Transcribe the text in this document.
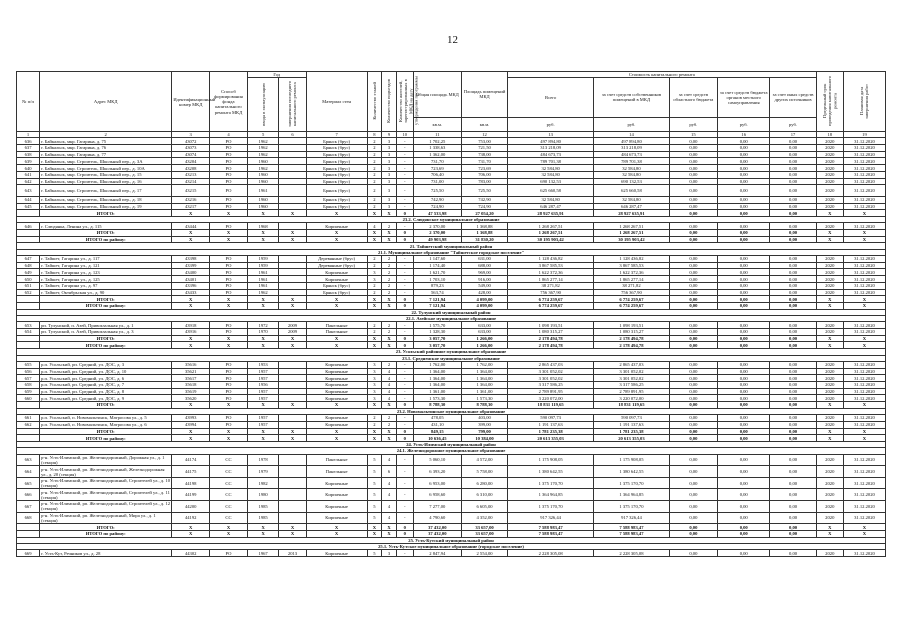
12
№ п/п	Адрес МКД	Идентификационный номер МКД	Способ формирования фонда капитального ремонта МКД	Год		Материал стен	Количество этажей	Количество подъездов	Количество жителей, зарегистрированных в МКД на дату утверждения программы	Общая площадь МКД	Площадь помещений МКД	Стоимость капитального ремонта					Предельный срок проведения капитального ремонта	Плановая дата завершения работ
				ввода в эксплуатацию	завершения последнего капитального ремонта							Всего	за счет средств собственников помещений в МКД	за счет средств областного бюджета	за счет средств бюджета органов местного самоуправления	за счет иных средств других источников		
										кв.м.	кв.м.	руб.	руб.	руб.	руб.	руб.		
1	2	3	4	5	6	7	8	9	10	11	12	13	14	15	16	17	18	19
636	г. Байкальск, мкр. Гагарина, д. 75	43072	РО	1962		Брянск (брус)	2	3	-	1 702,25	753,00	497 894,80	497 894,80	0,00	0,00	0,00	2020	31.12.2020
637	г. Байкальск, мкр. Гагарина, д. 76	43073	РО	1962		Брянск (брус)	2	3	-	1 338,63	721,50	313 218,09	313 218,09	0,00	0,00	0,00	2020	31.12.2020
638	г. Байкальск, мкр. Гагарина, д. 77	43074	РО	1962		Брянск (брус)	2	3	-	1 362,00	738,00	484 673,73	484 673,73	0,00	0,00	0,00	2020	31.12.2020
639	г. Байкальск, мкр. Строитель, Школьный пер., д. 3А	43204	РО	1960		Брянск (брус)	2	3	-	731,70	731,70	789 701,38	789 701,38	0,00	0,00	0,00	2020	31.12.2020
640	г. Байкальск, мкр. Строитель, Школьный пер., д. 10А	43208	РО	1962		Брянск (брус)	2	3	-	723,69	723,69	32 584,80	32 584,80	0,00	0,00	0,00	2020	31.12.2020
641	г. Байкальск, мкр. Строитель, Школьный пер., д. 15	43213	РО	1960		Брянск (брус)	2	3	-	706,40	706,00	32 584,80	32 584,80	0,00	0,00	0,00	2020	31.12.2020
642	г. Байкальск, мкр. Строитель, Школьный пер., д. 16	43214	РО	1960		Брянск (брус)	2	3	-	731,00	783,00	690 132,53	690 132,53	0,00	0,00	0,00	2020	31.12.2020
643	г. Байкальск, мкр. Строитель, Школьный пер., д. 17	43215	РО	1961		Брянск (брус)	2	3	-	725,50	725,50	625 660,58	625 660,58	0,00	0,00	0,00	2020	31.12.2020
644	г. Байкальск, мкр. Строитель, Школьный пер., д. 18	43216	РО	1960		Брянск (брус)	2	3	-	742,90	742,90	32 584,80	32 584,80	0,00	0,00	0,00	2020	31.12.2020
645	г. Байкальск, мкр. Строитель, Школьный пер., д. 19	43217	РО	1960		Брянск (брус)	2	3	-	724,90	724,90	646 287,47	646 287,47	0,00	0,00	0,00	2020	31.12.2020
	ИТОГО:	X	X	X	X	X	X	X	0	47 533,98	27 054,20	28 927 635,91	28 927 635,91	0,00	0,00	0,00	X	X
23.2. Слюдянское муниципальное образование																		
646	г. Слюдянка, Ленина ул., д. 115	43444	РО	1968		Кирпичные	4	2	-	2 370,00	1 368,88	1 268 267,51	1 268 267,51	0,00	0,00	0,00	2020	31.12.2020
	ИТОГО:	X	X	X	X	X	X	X	0	2 370,00	1 368,88	1 268 267,51	1 268 267,51	0,00	0,00	0,00	X	X
	ИТОГО по району:	X	X	X	X	X	X	X	0	49 903,98	31 830,20	30 195 903,42	30 195 903,42	0,00	0,00	0,00	X	X
21. Тайшетский муниципальный район																		
21.1. Муниципальное образование "Тайшетское городское поселение"																		
647	г. Тайшет, Гагарина ул., д. 117	43398	РО	1959		Деревянные (брус)	2	2	-	1 147,60	631,00	1 128 436,82	1 128 436,82	0,00	0,00	0,00	2020	31.12.2020
648	г. Тайшет, Гагарина ул., д. 121	43399	РО	1959		Деревянные (брус)	2	2	-	1 174,40	688,00	3 867 585,53	3 867 585,53	0,00	0,00	0,00	2020	31.12.2020
649	г. Тайшет, Гагарина ул., д. 123	43400	РО	1961		Кирпичные	3	2	-	1 621,70	969,00	1 622 372,36	1 622 372,36	0,00	0,00	0,00	2020	31.12.2020
650	г. Тайшет, Гагарина ул., д. 125	43401	РО	1961		Кирпичные	3	2	-	1 703,10	916,00	1 865 277,14	1 865 277,14	0,00	0,00	0,00	2020	31.12.2020
651	г. Тайшет, Гагарина ул., д. 97	43396	РО	1961		Брянск (брус)	2	2	-	879,23	549,00	38 271,82	38 271,82	0,00	0,00	0,00	2020	31.12.2020
652	г. Тайшет, Октябрьская ул., д. 90	43433	РО	1962		Брянск (брус)	2	2	-	563,74	428,00	756 367,90	756 367,90	0,00	0,00	0,00	2020	31.12.2020
	ИТОГО:	X	X	X	X	X	X	X	0	7 121,94	4 099,00	6 774 259,67	6 774 259,67	0,00	0,00	0,00	X	X
	ИТОГО по району:	X	X	X	X	X	X	X	0	7 121,94	4 099,00	6 774 259,67	6 774 259,67	0,00	0,00	0,00	X	X
22. Тулунский муниципальный район																		
22.1. Азейское муниципальное образование																		
653	рп. Тулунский, п. Азей, Привокзальная ул., д. 1	43918	РО	1972	2009	Панельные	2	2	-	1 575,70	633,00	1 098 193,51	1 098 193,51	0,00	0,00	0,00	2020	31.12.2020
654	рп. Тулунский, п. Азей, Привокзальная ул., д. 3	43916	РО	1970	2009	Панельные	2	2	-	1 328,30	633,00	1 080 315,27	1 080 315,27	0,00	0,00	0,00	2020	31.12.2020
	ИТОГО:	X	X	X	X	X	X	X	0	3 057,70	1 266,00	2 178 494,78	2 178 494,78	0,00	0,00	0,00	X	X
	ИТОГО по району:	X	X	X	X	X	X	X	0	3 057,70	1 266,00	2 178 494,78	2 178 494,78	0,00	0,00	0,00	X	X
23. Усольский районное муниципальное образование																		
23.1. Средненское муниципальное образование																		
655	р.п. Усольский, рп. Средний, ул. ДОС, д. 3	35616	РО	1953		Кирпичные	3	2	-	1 762,00	1 762,00	2 865 437,03	2 865 437,03	0,00	0,00	0,00	2020	31.12.2020
656	р.п. Усольский, рп. Средний, ул. ДОС, д. 10	35621	РО	1957		Кирпичные	3	4	-	1 364,00	1 364,00	3 301 052,02	3 301 052,02	0,00	0,00	0,00	2020	31.12.2020
657	р.п. Усольский, рп. Средний, ул. ДОС, д. 6	35617	РО	1957		Кирпичные	3	4	-	1 364,00	1 364,00	3 301 052,02	3 301 052,02	0,00	0,00	0,00	2020	31.12.2020
658	р.п. Усольский, рп. Средний, ул. ДОС, д. 7	35618	РО	1956		Кирпичные	3	4	-	1 364,00	1 364,00	3 317 586,25	3 317 586,25	0,00	0,00	0,00	2020	31.12.2020
659	р.п. Усольский, рп. Средний, ул. ДОС, д. 8	35619	РО	1957		Кирпичные	3	4	-	1 361,00	1 361,00	2 789 891,95	2 789 891,95	0,00	0,00	0,00	2020	31.12.2020
660	р.п. Усольский, рп. Средний, ул. ДОС, д. 9	35620	РО	1957		Кирпичные	3	4	-	1 573,30	1 573,30	3 220 072,00	3 220 072,00	0,00	0,00	0,00	2020	31.12.2020
	ИТОГО:	X	X	X	X	X	X	X	0	8 788,30	8 788,30	18 831 119,65	18 831 119,65	0,00	0,00	0,00	X	X
23.2. Новомальтинское муниципальное образование																		
661	р.п. Усольский, п. Новомальтинск, Матросова ул., д. 5	43993	РО	1957		Кирпичные	2	2	-	478,05	403,00	590 097,73	590 097,73	0,00	0,00	0,00	2020	31.12.2020
662	р.п. Усольский, п. Новомальтинск, Матросова ул., д. 6	43994	РО	1957		Кирпичные	2	2	-	431,10	399,00	1 191 137,63	1 191 137,63	0,00	0,00	0,00	2020	31.12.2020
	ИТОГО:	X	X	X	X	X	X	X	0	849,15	799,00	1 781 235,38	1 781 235,38	0,00	0,00	0,00	X	X
	ИТОГО по району:	X	X	X	X	X	X	X	0	10 636,45	10 384,00	20 613 355,03	20 613 355,03	0,00	0,00	0,00	X	X
24. Усть-Илимский муниципальный район																		
24.1. Железнодорожное муниципальное образование																		
663	р-н. Усть-Илимский, рп. Железнодорожный, Дорожная ул., д. 1 (секция)	44174	СС	1978		Панельные	5	4	-	5 060,10	4 572,00	1 175 908,05	1 175 908,05	0,00	0,00	0,00	2020	31.12.2020
664	р-н. Усть-Илимский, рп. Железнодорожный, Железнодорожная ул., д. 20 (секция)	44175	СС	1979		Панельные	5	6	-	6 393,20	5 758,00	1 380 642,55	1 380 642,55	0,00	0,00	0,00	2020	31.12.2020
665	р-н. Усть-Илимский, рп. Железнодорожный, Строителей ул., д. 10 (секция)	44198	СС	1982		Кирпичные	5	4	-	6 953,00	6 280,00	1 375 170,70	1 375 170,70	0,00	0,00	0,00	2020	31.12.2020
666	р-н. Усть-Илимский, рп. Железнодорожный, Строителей ул., д. 11 (секция)	44199	СС	1980		Кирпичные	5	4	-	6 958,60	6 310,00	1 364 964,85	1 364 964,85	0,00	0,00	0,00	2020	31.12.2020
667	р-н. Усть-Илимский, рп. Железнодорожный, Строителей ул., д. 12 (секция)	44200	СС	1985		Кирпичные	5	4	-	7 277,00	6 605,00	1 375 170,70	1 375 170,70	0,00	0,00	0,00	2020	31.12.2020
668	р-н. Усть-Илимский, рп. Железнодорожный, Мира ул., д. 1 (секция)	44192	СС	1985		Кирпичные	5	4	-	4 790,60	4 352,00	917 326,44	917 326,44	0,00	0,00	0,00	2020	31.12.2020
	ИТОГО:	X	X	X	X	X	X	X	0	37 432,00	33 657,00	7 588 983,47	7 588 983,47	0,00	0,00	0,00	X	X
	ИТОГО по району:	X	X	X	X	X	X	X	0	37 432,00	33 657,00	7 588 983,47	7 588 983,47	0,00	0,00	0,00	X	X
25. Усть-Кутский муниципальный район																		
25.1. Усть-Кутское муниципальное образование (городское поселение)																		
669	г. Усть-Кут, Речников ул., д. 28	44302	РО	1967	2013	Кирпичные	5	3	-	2 847,94	2 554,00	2 228 305,08	2 228 305,08	0,00	0,00	0,00	2020	31.12.2020
